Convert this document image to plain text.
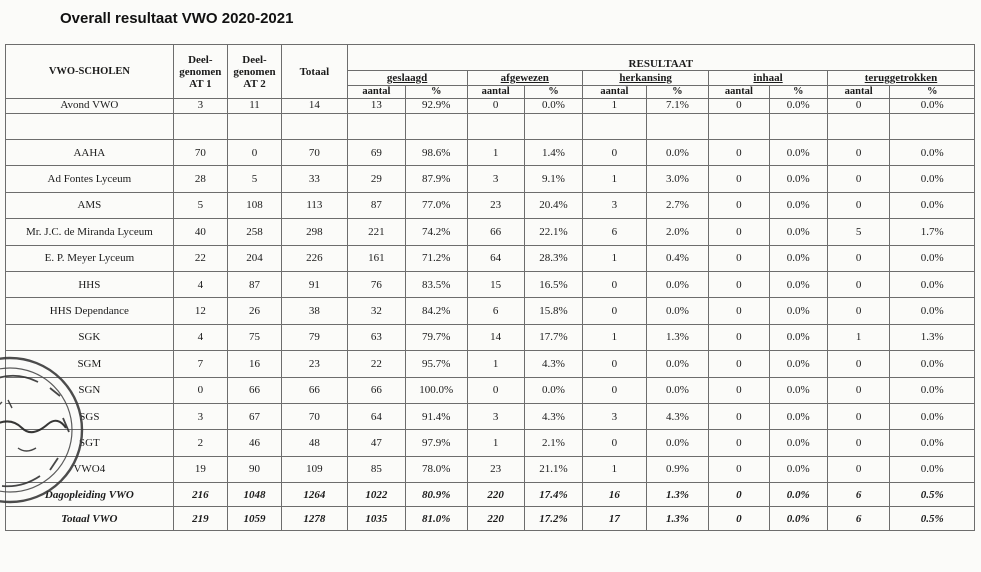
Overall resultaat VWO 2020-2021
VWO-SCHOLEN	Deel-
genomen
AT 1	Deel-
genomen
AT 2	Totaal	RESULTAAT									
				geslaagd		afgewezen		herkansing		inhaal		teruggetrokken	
				aantal	%	aantal	%	aantal	%	aantal	%	aantal	%
Avond VWO	3	11	14	13	92.9%	0	0.0%	1	7.1%	0	0.0%	0	0.0%

AAHA	70	0	70	69	98.6%	1	1.4%	0	0.0%	0	0.0%	0	0.0%
Ad Fontes Lyceum	28	5	33	29	87.9%	3	9.1%	1	3.0%	0	0.0%	0	0.0%
AMS	5	108	113	87	77.0%	23	20.4%	3	2.7%	0	0.0%	0	0.0%
Mr. J.C. de Miranda Lyceum	40	258	298	221	74.2%	66	22.1%	6	2.0%	0	0.0%	5	1.7%
E. P. Meyer Lyceum	22	204	226	161	71.2%	64	28.3%	1	0.4%	0	0.0%	0	0.0%
HHS	4	87	91	76	83.5%	15	16.5%	0	0.0%	0	0.0%	0	0.0%
HHS Dependance	12	26	38	32	84.2%	6	15.8%	0	0.0%	0	0.0%	0	0.0%
SGK	4	75	79	63	79.7%	14	17.7%	1	1.3%	0	0.0%	1	1.3%
SGM	7	16	23	22	95.7%	1	4.3%	0	0.0%	0	0.0%	0	0.0%
SGN	0	66	66	66	100.0%	0	0.0%	0	0.0%	0	0.0%	0	0.0%
SGS	3	67	70	64	91.4%	3	4.3%	3	4.3%	0	0.0%	0	0.0%
SGT	2	46	48	47	97.9%	1	2.1%	0	0.0%	0	0.0%	0	0.0%
VWO4	19	90	109	85	78.0%	23	21.1%	1	0.9%	0	0.0%	0	0.0%
Dagopleiding VWO	216	1048	1264	1022	80.9%	220	17.4%	16	1.3%	0	0.0%	6	0.5%
Totaal VWO	219	1059	1278	1035	81.0%	220	17.2%	17	1.3%	0	0.0%	6	0.5%
